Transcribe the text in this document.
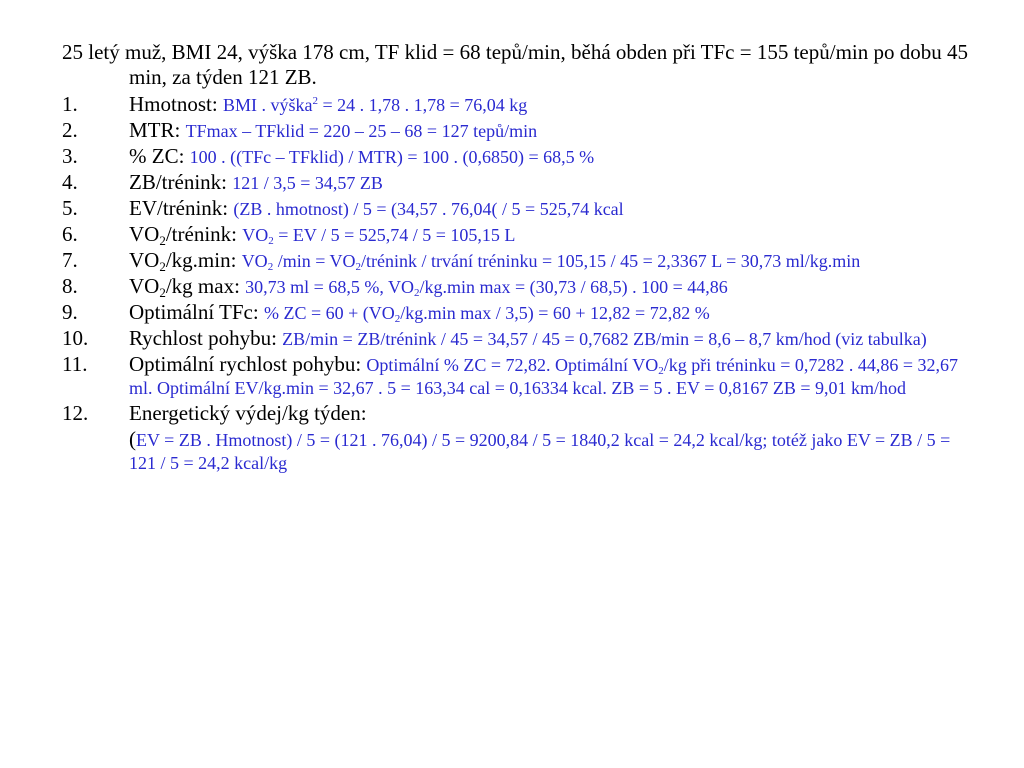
25 letý muž, BMI 24, výška 178 cm, TF klid = 68 tepů/min, běhá obden při TFc = 155 tepů/min po dobu 45 min, za týden 121 ZB.
1.	Hmotnost: BMI . výška$^2$ = 24 . 1,78 . 1,78 = 76,04 kg
2.	MTR: TFmax – TFklid = 220 – 25 – 68 = 127 tepů/min
3.	% ZC: 100 . ((TFc – TFklid) / MTR) = 100 . (0,6850) = 68,5 %
4.	ZB/trénink: 121 / 3,5 = 34,57 ZB
5.	EV/trénink: (ZB . hmotnost) / 5 = (34,57 . 76,04( / 5 = 525,74 kcal
6.	$VO_2$/trénink: $VO_2$ = EV / 5 = 525,74 / 5 = 105,15 L
7.	$VO_2/kg.\min$: $VO_2$ $/\min = VO_2$/trénink / trvání tréninku = 105,15 / 45 = 2,3367 L = 30,73 ml/kg.min
8.	$VO_2/kg$ max: 30,73 ml = 68,5 %, $VO_2/kg.\min$ max = (30,73 / 68,5) . 100 = 44,86
9.	Optimální TFc: % ZC = $60 + (VO_2/kg.\min$ max / 3,5) = 60 + 12,82 = 72,82 %
10.	Rychlost pohybu: ZB/min = ZB/trénink / 45 = 34,57 / 45 = 0,7682 ZB/min = 8,6 – 8,7 km/hod (viz tabulka)
11.	Optimální rychlost pohybu: Optimální % ZC = 72,82. Optimální $VO_2/kg$ při tréninku = 0,7282 . 44,86 = 32,67 ml. Optimální EV/kg.min = 32,67 . 5 = 163,34 cal = 0,16334 kcal. ZB = 5 . EV = 0,8167 ZB = 9,01 km/hod
12.	Energetický výdej/kg týden:
(EV = ZB . Hmotnost) / 5 = (121 . 76,04) / 5 = 9200,84 / 5 = 1840,2 kcal = 24,2 kcal/kg; totéž jako EV = ZB / 5 = 121 / 5 = 24,2 kcal/kg
